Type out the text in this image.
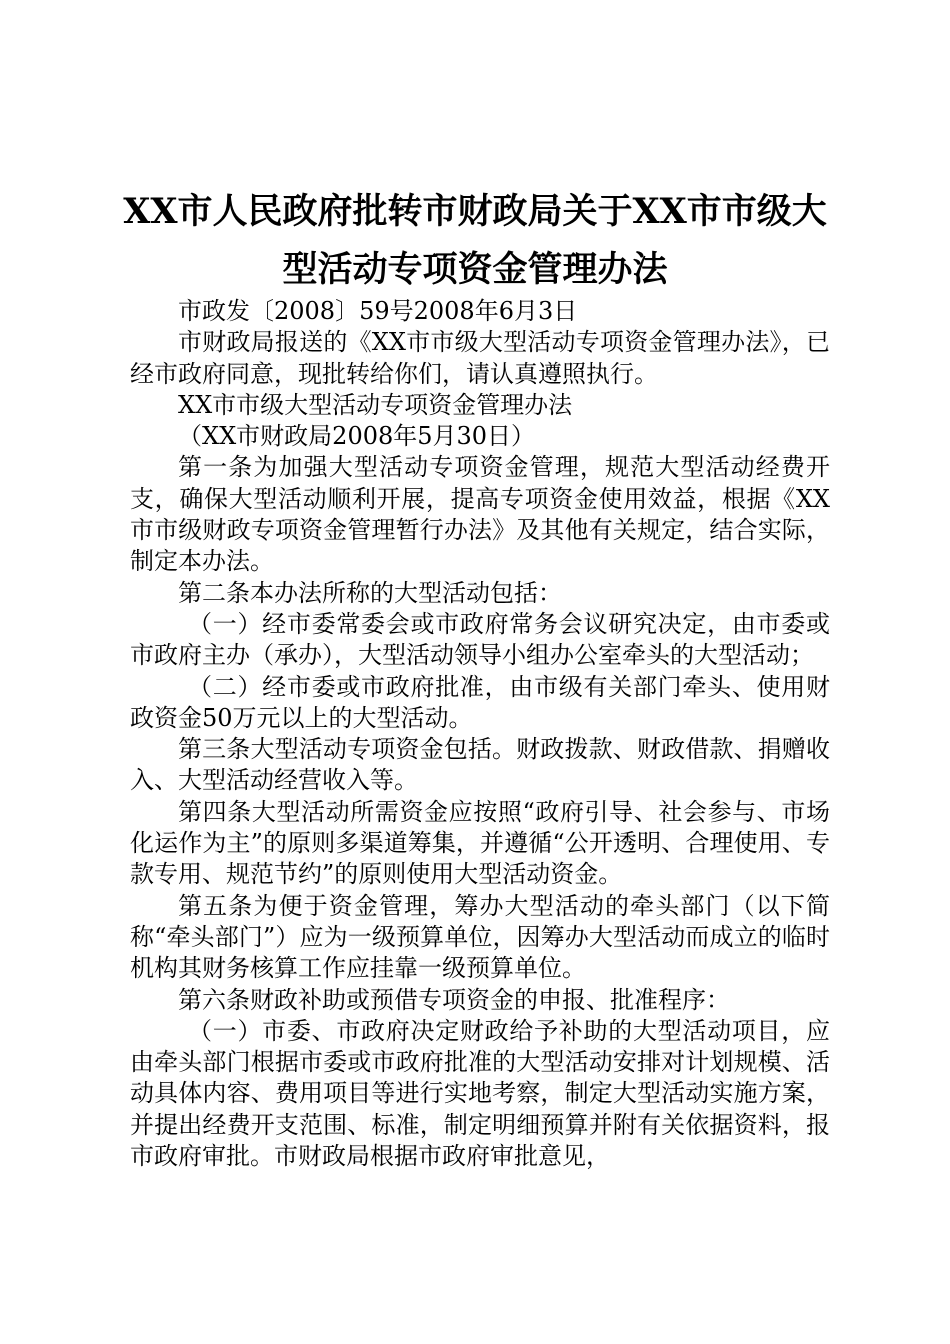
XX市人民政府批转市财政局关于XX市市级大
型活动专项资金管理办法

市政发〔2008〕59号2008年6月3日

市财政局报送的《XX市市级大型活动专项资金管理办法》，已经市政府同意，现批转给你们，请认真遵照执行。

XX市市级大型活动专项资金管理办法

（XX市财政局2008年5月30日）

第一条为加强大型活动专项资金管理，规范大型活动经费开支，确保大型活动顺利开展，提高专项资金使用效益，根据《XX市市级财政专项资金管理暂行办法》及其他有关规定，结合实际，制定本办法。

第二条本办法所称的大型活动包括：

（一）经市委常委会或市政府常务会议研究决定，由市委或市政府主办（承办），大型活动领导小组办公室牵头的大型活动；

（二）经市委或市政府批准，由市级有关部门牵头、使用财政资金50万元以上的大型活动。

第三条大型活动专项资金包括。财政拨款、财政借款、捐赠收入、大型活动经营收入等。

第四条大型活动所需资金应按照“政府引导、社会参与、市场化运作为主”的原则多渠道筹集，并遵循“公开透明、合理使用、专款专用、规范节约”的原则使用大型活动资金。

第五条为便于资金管理，筹办大型活动的牵头部门（以下简称“牵头部门”）应为一级预算单位，因筹办大型活动而成立的临时机构其财务核算工作应挂靠一级预算单位。

第六条财政补助或预借专项资金的申报、批准程序：

（一）市委、市政府决定财政给予补助的大型活动项目，应由牵头部门根据市委或市政府批准的大型活动安排对计划规模、活动具体内容、费用项目等进行实地考察，制定大型活动实施方案，并提出经费开支范围、标准，制定明细预算并附有关依据资料，报市政府审批。市财政局根据市政府审批意见，
